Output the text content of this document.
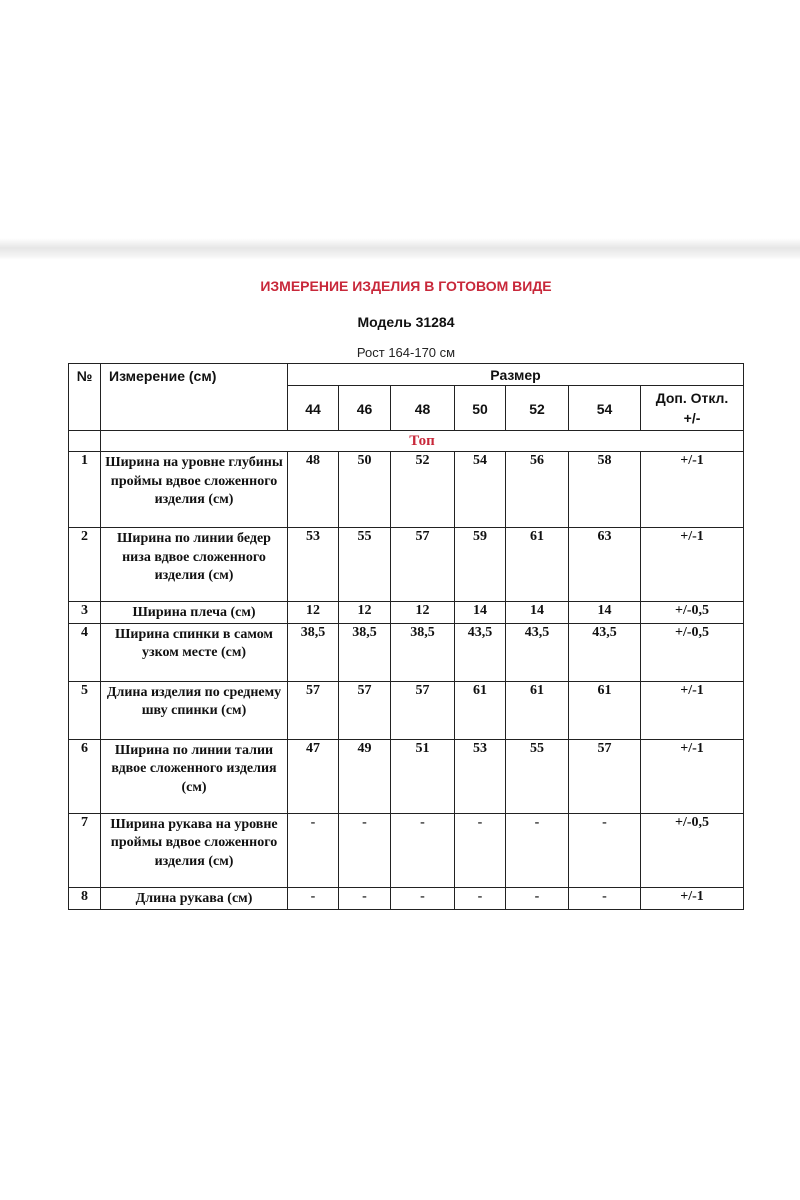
ИЗМЕРЕНИЕ ИЗДЕЛИЯ В ГОТОВОМ ВИДЕ
Модель 31284
Рост 164-170 см
№	Измерение (см)	Размер						
		44	46	48	50	52	54	Доп. Откл.
+/-

	Топ							
1	Ширина на уровне глубины проймы вдвое сложенного изделия (см)	48	50	52	54	56	58	+/-1
2	Ширина по линии бедер низа вдвое сложенного изделия (см)	53	55	57	59	61	63	+/-1
3	Ширина плеча (см)	12	12	12	14	14	14	+/-0,5
4	Ширина спинки в самом узком месте (см)	38,5	38,5	38,5	43,5	43,5	43,5	+/-0,5
5	Длина изделия по среднему шву спинки (см)	57	57	57	61	61	61	+/-1
6	Ширина по линии талии вдвое сложенного изделия (см)	47	49	51	53	55	57	+/-1
7	Ширина рукава на уровне проймы вдвое сложенного изделия (см)	-	-	-	-	-	-	+/-0,5
8	Длина рукава (см)	-	-	-	-	-	-	+/-1
